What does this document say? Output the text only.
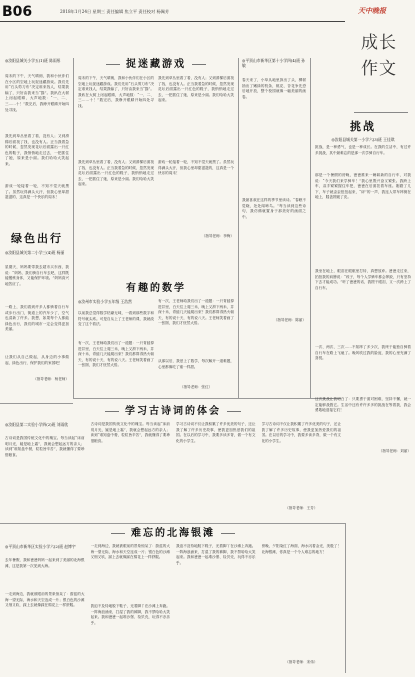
B06	2018年1月24日 星期三 责任编辑 焦立平 责任校对 杨佩芳	天中晚报
成长作文
◎汝阳县城关小学五(1)班 陈雨彤
周末的下午，天气晴朗，我和小伙伴们在小区的空地上玩捉迷藏游戏。我们先用“石头剪刀布”决定谁来找人，结果我输了，只好由我来当“猫”。我趴在大树上闭起眼睛，大声地数：“一、二、三……十！”数完后，我睁开眼睛开始四处寻找。
我先到草丛里看了看，没有人；又到滑梯后面找了找，也没有人。正当我着急的时候，忽然发现花坛后面露出一只红色的鞋子，我悄悄地走过去，一把抓住了她，原来是小丽。我们哈哈大笑起来。
游戏一轮接着一轮，不知不觉天就黑了。虽然玩得满头大汗，但我心里却甜滋滋的，这真是一个快乐的周末！
绿色出行
◎汝阳县城关第二小学三(4)班 杨丽
星期天，妈妈要带我去超市买东西，我说：“妈妈，我们骑自行车去吧，这样既能锻炼身体，又能保护环境。”妈妈高兴地答应了。
一路上，我们看到许多人都骑着自行车或步行出门，街道上的汽车少了，空气也清新了许多。我想，如果每个人都能绿色出行，我们的城市一定会变得更加美丽。
让我们从自己做起，从身边的小事做起，绿色出行，保护我们的家园吧！
（指导老师：杨老师）
捉迷藏游戏
周末的下午，天气晴朗，我和小伙伴们在小区的空地上玩捉迷藏游戏。我们先用“石头剪刀布”决定谁来找人，结果我输了，只好由我来当“猫”。我趴在大树上闭起眼睛，大声地数：“一、二、三……十！”数完后，我睁开眼睛开始四处寻找。
我先到草丛里看了看，没有人；又到滑梯后面找了找，也没有人。正当我着急的时候，忽然发现花坛后面露出一只红色的鞋子，我悄悄地走过去，一把抓住了她，原来是小丽。我们哈哈大笑起来。
我先到草丛里看了看，没有人；又到滑梯后面找了找，也没有人。正当我着急的时候，忽然发现花坛后面露出一只红色的鞋子，我悄悄地走过去，一把抓住了她，原来是小丽。我们哈哈大笑起来。
游戏一轮接着一轮，不知不觉天就黑了。虽然玩得满头大汗，但我心里却甜滋滋的，这真是一个快乐的周末！
（指导老师：李梅）
有趣的数学
◎汝州市实验小学五年级 王浩然
以前我总觉得数学枯燥无味，一看到那些数字和符号就头疼。可是自从上了王老师的课，我就改变了这个看法。
有一次，王老师给我们出了一道题：一只青蛙掉进井里，白天往上爬三米，晚上又滑下两米，井深十米，青蛙几天能爬出来？我们都算得热火朝天，有的说十天，有的说八天。王老师笑着画了一张图，我们才恍然大悟。
有一次，王老师给我们出了一道题：一只青蛙掉进井里，白天往上爬三米，晚上又滑下两米，井深十米，青蛙几天能爬出来？我们都算得热火朝天，有的说十天，有的说八天。王老师笑着画了一张图，我们才恍然大悟。
从那以后，我爱上了数学，每次解开一道难题，心里都像吃了蜜一样甜。
（指导老师：张红）
◎平顶山市新华区第十小学四(4)班 孙敏
春天来了，小草从地里探出了头，柳树抽出了嫩绿的枝条，桃花、杏花争先恐后地开放，整个校园就像一幅美丽的画卷。
我最喜欢在这样的季节里读诗。“春眠不觉晓，处处闻啼鸟。”每当读到这些诗句，我仿佛就置身于那美好的画面之中。
（指导老师：陈丽）
挑战
◎汝阳县城关第一小学六(3)班 王佳琪
挑战，是一种勇气，也是一种成长。在我的生活中，有过许多挑战，其中最难忘的是那一次学骑自行车。
那是一个暑假的傍晚，爸爸推来一辆崭新的自行车，对我说：“今天我们来学骑车！”我心里既兴奋又紧张。我跨上车，双手紧紧握住车把，爸爸在后面扶着车座。刚蹬了几下，车子就歪歪扭扭起来，“砰”的一声，我连人带车摔倒在地上，膝盖擦破了皮。
我坐在地上，眼泪在眼眶里打转，真想放弃。爸爸走过来，拍拍我的肩膀说：“孩子，每个人学骑车都会摔跤，只有坚持下去才能成功。”听了爸爸的话，我擦干眼泪，又一次跨上了自行车。
一次、两次、三次……不知摔了多少次，我终于能独自骑着自行车在路上飞驰了。晚风吹过我的脸庞，我的心里充满了喜悦。
这次挑战让我明白了：只要勇于面对困难，坚持不懈，就一定能够战胜它。生活中还有许许多多的挑战在等着我，我会勇敢地迎接它们！
（指导老师：刘丽）
学习古诗词的体会
◎汝阳县第二实验小学四(2)班 刘雨欣
古诗词是我国传统文化中的瑰宝。每当读起“床前明月光，疑是地上霜”，我就会想起远方的亲人；读到“谁知盘中餐，粒粒皆辛苦”，我就懂得了要珍惜粮食。
古诗词是我国传统文化中的瑰宝。每当读起“床前明月光，疑是地上霜”，我就会想起远方的亲人；读到“谁知盘中餐，粒粒皆辛苦”，我就懂得了要珍惜粮食。
学习古诗词不仅让我积累了许多优美的句子，还让我了解了许多历史故事，使我更加热爱我们的祖国。在以后的学习中，我要多读多背，做一个有文化的小学生。
学习古诗词不仅让我积累了许多优美的句子，还让我了解了许多历史故事，使我更加热爱我们的祖国。在以后的学习中，我要多读多背，做一个有文化的小学生。
（指导老师：王芳）
难忘的北海银滩
◎平顶山市新华区实验小学六(2)班 赵博宇
去年暑假，我和爸爸妈妈一起来到了美丽的北海银滩，这是我第一次见到大海。
一走到海边，我就被眼前的景象惊呆了：蔚蓝的大海一望无际，海水和天空连成一片；银白色的沙滩又细又软，踩上去就像踩在棉花上一样舒服。
一走到海边，我就被眼前的景象惊呆了：蔚蓝的大海一望无际，海水和天空连成一片；银白色的沙滩又细又软，踩上去就像踩在棉花上一样舒服。
我迫不及待地脱下鞋子，光着脚丫在沙滩上奔跑。一阵海浪涌来，打湿了我的裤脚，我不禁哈哈大笑起来。我和爸爸一起堆沙堡、捡贝壳，玩得不亦乐乎。
我迫不及待地脱下鞋子，光着脚丫在沙滩上奔跑。一阵海浪涌来，打湿了我的裤脚，我不禁哈哈大笑起来。我和爸爸一起堆沙堡、捡贝壳，玩得不亦乐乎。
傍晚，夕阳染红了海面，海水闪着金光，美极了！北海银滩，你真是一个令人难忘的地方！
（指导老师：宋伟）
